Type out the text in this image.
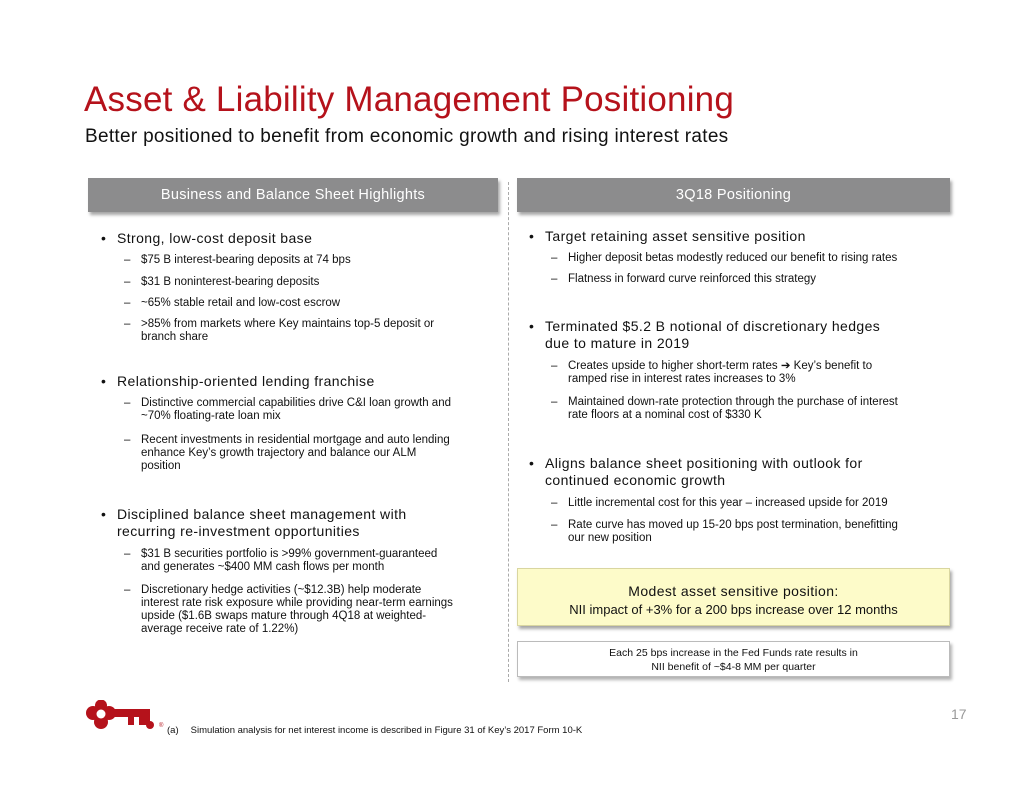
Asset & Liability Management Positioning
Better positioned to benefit from economic growth and rising interest rates
Business and Balance Sheet Highlights	3Q18 Positioning
• Strong, low-cost deposit base
– $75 B interest-bearing deposits at 74 bps
– $31 B noninterest-bearing deposits
– ~65% stable retail and low-cost escrow
– >85% from markets where Key maintains top-5 deposit or
branch share
• Relationship-oriented lending franchise
– Distinctive commercial capabilities drive C&I loan growth and
~70% floating-rate loan mix
– Recent investments in residential mortgage and auto lending
enhance Key’s growth trajectory and balance our ALM
position
• Disciplined balance sheet management with
recurring re-investment opportunities
– $31 B securities portfolio is >99% government-guaranteed
and generates ~$400 MM cash flows per month
– Discretionary hedge activities (~$12.3B) help moderate
interest rate risk exposure while providing near-term earnings
upside ($1.6B swaps mature through 4Q18 at weighted-
average receive rate of 1.22%)
• Target retaining asset sensitive position
– Higher deposit betas modestly reduced our benefit to rising rates
– Flatness in forward curve reinforced this strategy
• Terminated $5.2 B notional of discretionary hedges
due to mature in 2019
– Creates upside to higher short-term rates ➔ Key’s benefit to
ramped rise in interest rates increases to 3%
– Maintained down-rate protection through the purchase of interest
rate floors at a nominal cost of $330 K
• Aligns balance sheet positioning with outlook for
continued economic growth
– Little incremental cost for this year – increased upside for 2019
– Rate curve has moved up 15-20 bps post termination, benefitting
our new position
Modest asset sensitive position:
NII impact of +3% for a 200 bps increase over 12 months
Each 25 bps increase in the Fed Funds rate results in
NII benefit of ~$4-8 MM per quarter
®
17
(a) Simulation analysis for net interest income is described in Figure 31 of Key’s 2017 Form 10-K
